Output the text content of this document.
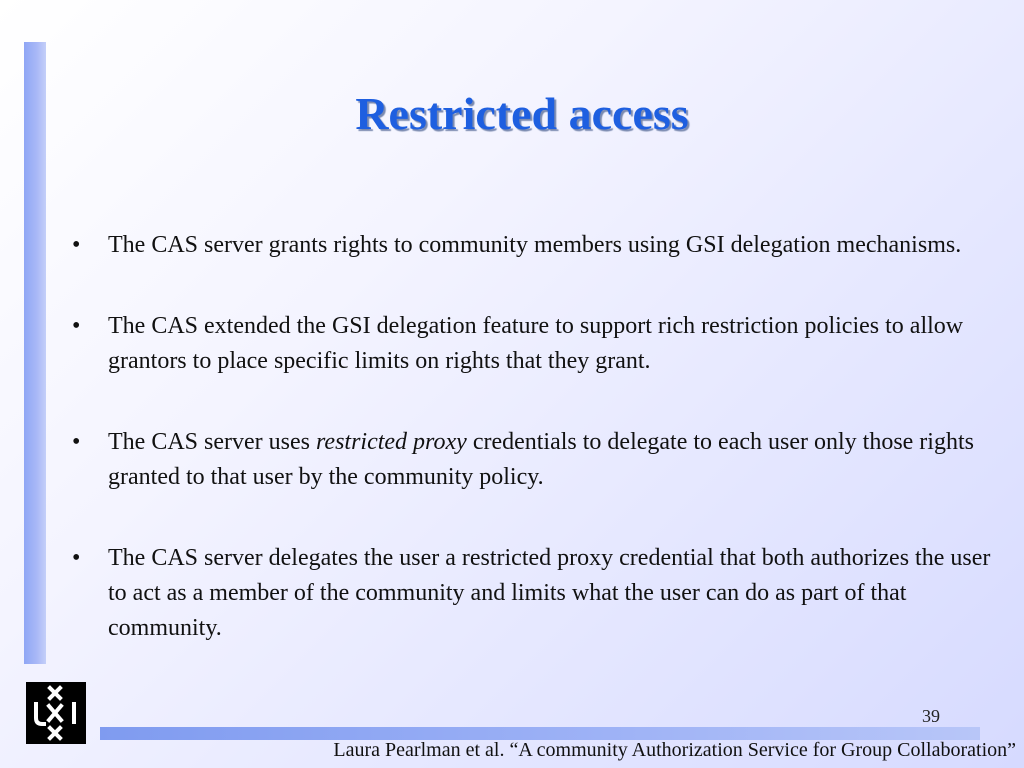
Restricted access
•	The CAS server grants rights to community members using GSI delegation mechanisms.
•	The CAS extended the GSI delegation feature to support rich restriction policies to allow grantors to place specific limits on rights that they grant.
•	The CAS server uses restricted proxy credentials to delegate to each user only those rights granted to that user by the community policy.
•	The CAS server delegates the user a restricted proxy credential that both authorizes the user to act as a member of the community and limits what the user can do as part of that community.
39
Laura Pearlman et al. “A community Authorization Service for Group Collaboration”
